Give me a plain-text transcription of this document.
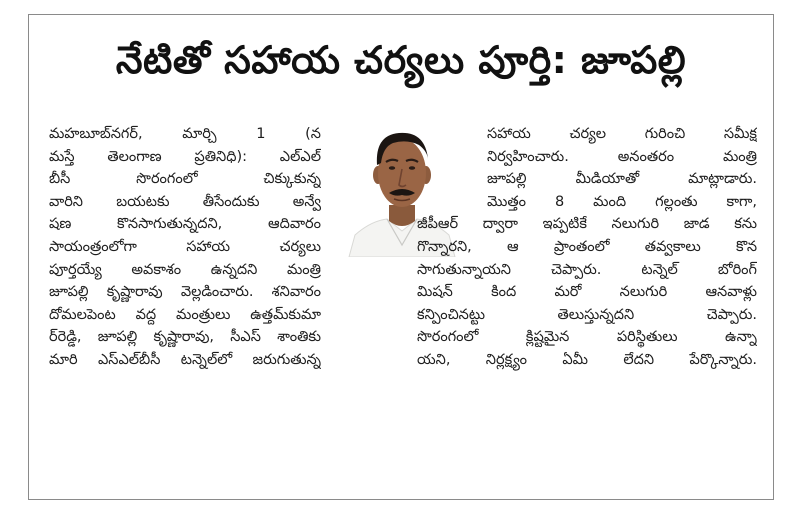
నేటితో సహాయ చర్యలు పూర్తి: జూపల్లి
మహబూబ్‌నగర్, మార్చి 1 (న
మస్తే తెలంగాణ ప్రతినిధి): ఎల్‌ఎల్
బీసీ సొరంగంలో చిక్కుకున్న
వారిని బయటకు తీసేందుకు అన్వే
షణ కొనసాగుతున్నదని, ఆదివారం
సాయంత్రంలోగా సహాయ చర్యలు
పూర్తయ్యే అవకాశం ఉన్నదని మంత్రి
జూపల్లి కృష్ణారావు వెల్లడించారు. శనివారం
దోమలపెంట వద్ద మంత్రులు ఉత్తమ్‌కుమా
ర్‌రెడ్డి, జూపల్లి కృష్ణారావు, సీఎస్ శాంతికు
మారి ఎస్‌ఎల్‌బీసీ టన్నెల్‌లో జరుగుతున్న
సహాయ చర్యల గురించి సమీక్ష
నిర్వహించారు. అనంతరం మంత్రి
జూపల్లి మీడియాతో మాట్లాడారు.
మొత్తం 8 మంది గల్లంతు కాగా,
జీపీఆర్ ద్వారా ఇప్పటికే నలుగురి జాడ కను
గొన్నారని, ఆ ప్రాంతంలో తవ్వకాలు కొన
సాగుతున్నాయని చెప్పారు. టన్నెల్ బోరింగ్
మిషన్ కింద మరో నలుగురి ఆనవాళ్లు
కన్పించినట్టు తెలుస్తున్నదని చెప్పారు.
సొరంగంలో క్లిష్టమైన పరిస్థితులు ఉన్నా
యని, నిర్లక్ష్యం ఏమీ లేదని పేర్కొన్నారు.
